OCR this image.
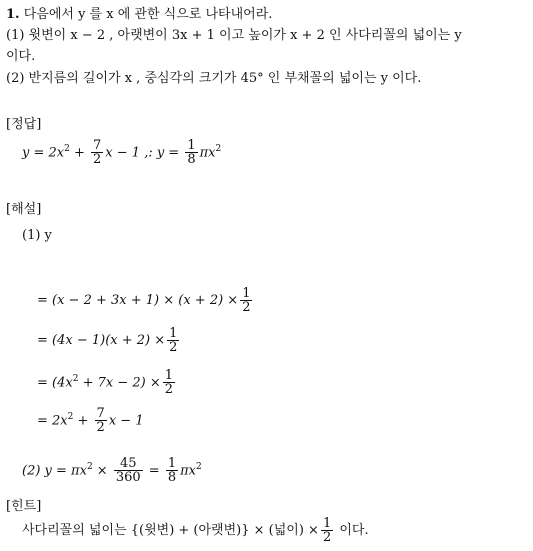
1. 다음에서 y 를 x 에 관한 식으로 나타내어라.
(1) 윗변이 x − 2 , 아랫변이 3x + 1 이고 높이가 x + 2 인 사다리꼴의 넓이는 y
이다.
(2) 반지름의 길이가 x , 중심각의 크기가 45° 인 부채꼴의 넓이는 y 이다.
[정답]
$y = 2x^2 + \frac{7}{2}$ x − 1 ,: $y = \frac{1}{8} \pi x^2$
[해설]
(1) y
= $(x - 2 + 3x + 1) \times (x + 2) \times \frac{1}{2}$
= $(4x - 1)(x + 2) \times \frac{1}{2}$
= $(4x^2 + 7x - 2) \times \frac{1}{2}$
= $2x^2 + \frac{7}{2}$ x − 1
(2) $y = \pi x^2 \times \frac{45}{360} = \frac{1}{8} \pi x^2$
[힌트]
사다리꼴의 넓이는 {(윗변) + (아랫변)} × (넓이) × $\frac{1}{2}$ 이다.
